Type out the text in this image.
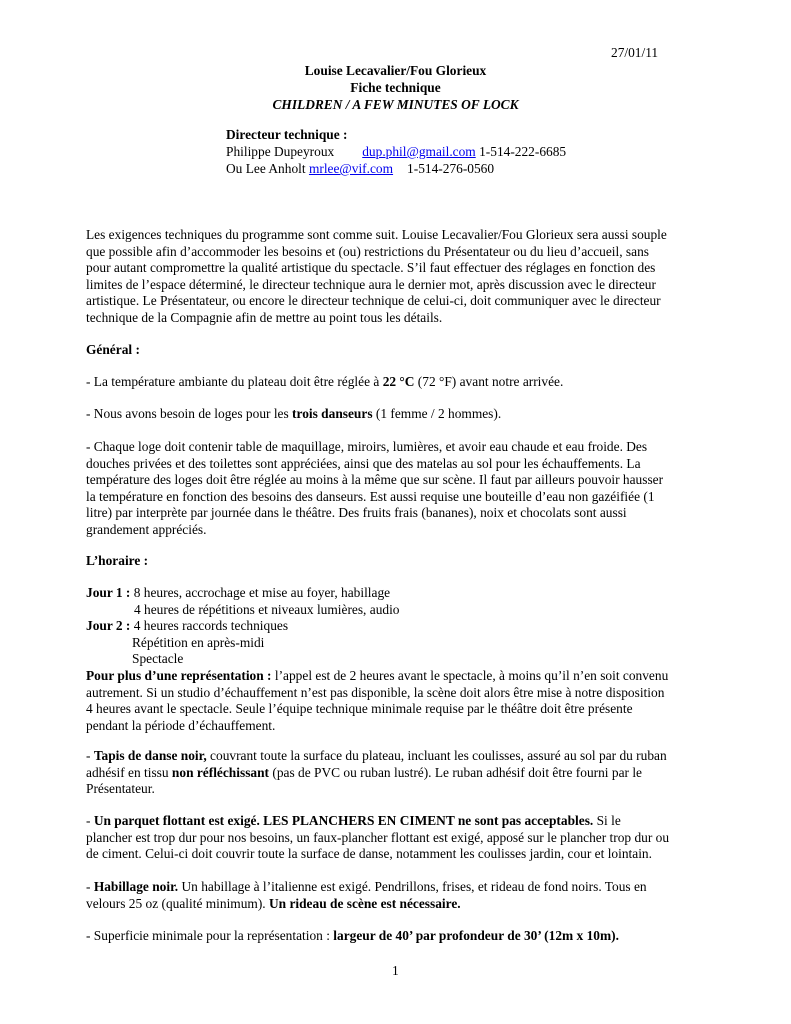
27/01/11
Louise Lecavalier/Fou Glorieux
Fiche technique
CHILDREN / A FEW MINUTES OF LOCK
Directeur technique :
Philippe Dupeyroux dup.phil@gmail.com 1-514-222-6685
Ou Lee Anholt mrlee@vif.com 1-514-276-0560
Les exigences techniques du programme sont comme suit. Louise Lecavalier/Fou Glorieux sera aussi souple
que possible afin d’accommoder les besoins et (ou) restrictions du Présentateur ou du lieu d’accueil, sans
pour autant compromettre la qualité artistique du spectacle. S’il faut effectuer des réglages en fonction des
limites de l’espace déterminé, le directeur technique aura le dernier mot, après discussion avec le directeur
artistique. Le Présentateur, ou encore le directeur technique de celui-ci, doit communiquer avec le directeur
technique de la Compagnie afin de mettre au point tous les détails.
Général :
- La température ambiante du plateau doit être réglée à 22 °C (72 °F) avant notre arrivée.
- Nous avons besoin de loges pour les trois danseurs (1 femme / 2 hommes).
- Chaque loge doit contenir table de maquillage, miroirs, lumières, et avoir eau chaude et eau froide. Des
douches privées et des toilettes sont appréciées, ainsi que des matelas au sol pour les échauffements. La
température des loges doit être réglée au moins à la même que sur scène. Il faut par ailleurs pouvoir hausser
la température en fonction des besoins des danseurs. Est aussi requise une bouteille d’eau non gazéifiée (1
litre) par interprète par journée dans le théâtre. Des fruits frais (bananes), noix et chocolats sont aussi
grandement appréciés.
L’horaire :
Jour 1 : 8 heures, accrochage et mise au foyer, habillage
4 heures de répétitions et niveaux lumières, audio
Jour 2 : 4 heures raccords techniques
Répétition en après-midi
Spectacle
Pour plus d’une représentation : l’appel est de 2 heures avant le spectacle, à moins qu’il n’en soit convenu
autrement. Si un studio d’échauffement n’est pas disponible, la scène doit alors être mise à notre disposition
4 heures avant le spectacle. Seule l’équipe technique minimale requise par le théâtre doit être présente
pendant la période d’échauffement.
- Tapis de danse noir, couvrant toute la surface du plateau, incluant les coulisses, assuré au sol par du ruban
adhésif en tissu non réfléchissant (pas de PVC ou ruban lustré). Le ruban adhésif doit être fourni par le
Présentateur.
- Un parquet flottant est exigé. LES PLANCHERS EN CIMENT ne sont pas acceptables. Si le
plancher est trop dur pour nos besoins, un faux-plancher flottant est exigé, apposé sur le plancher trop dur ou
de ciment. Celui-ci doit couvrir toute la surface de danse, notamment les coulisses jardin, cour et lointain.
- Habillage noir. Un habillage à l’italienne est exigé. Pendrillons, frises, et rideau de fond noirs. Tous en
velours 25 oz (qualité minimum). Un rideau de scène est nécessaire.
- Superficie minimale pour la représentation : largeur de 40’ par profondeur de 30’ (12m x 10m).
1
